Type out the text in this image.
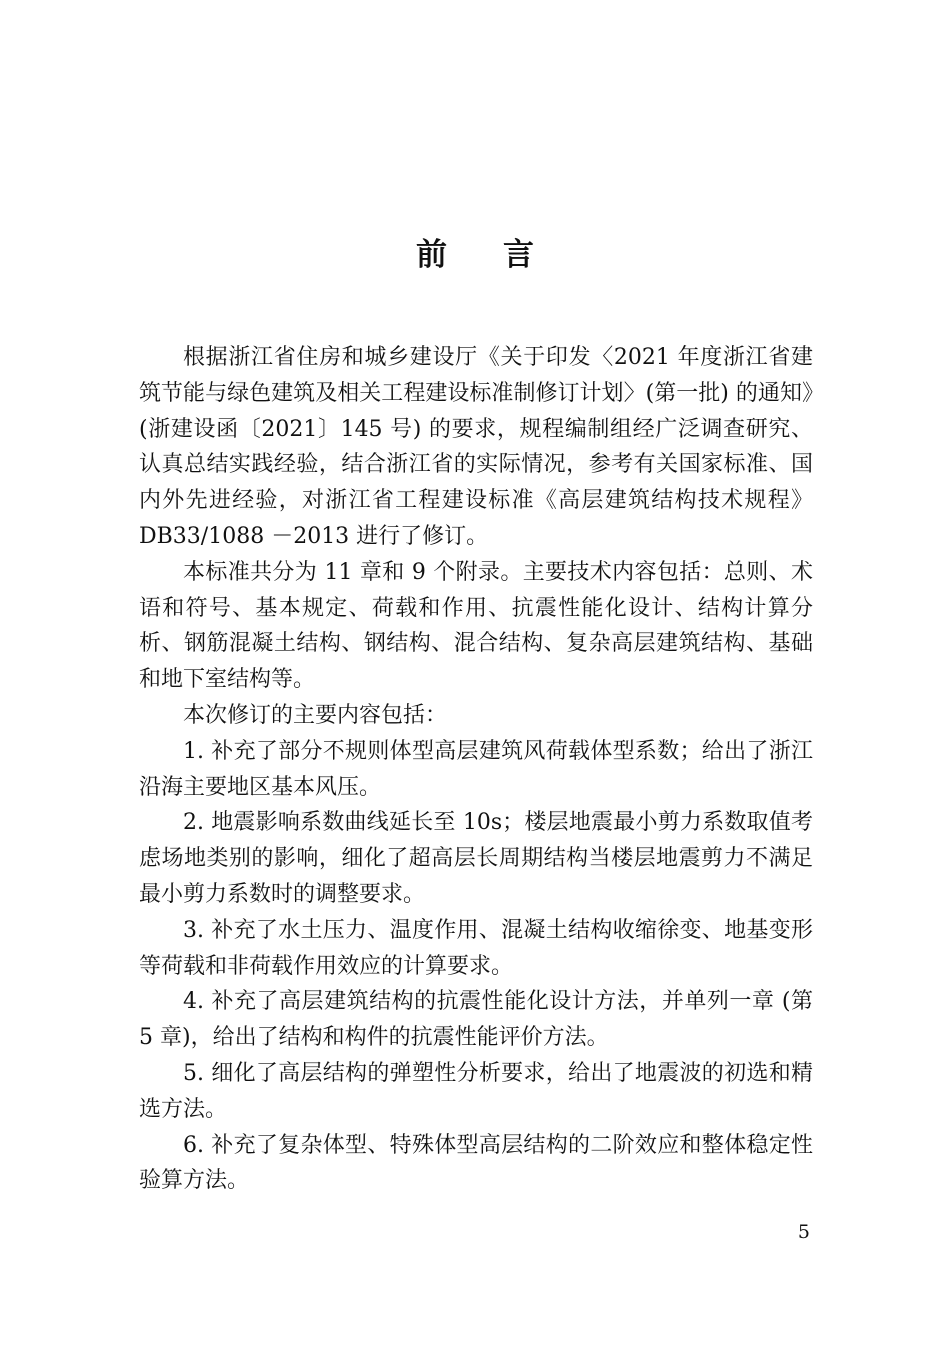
前言

根据浙江省住房和城乡建设厅《关于印发〈2021 年度浙江省建筑节能与绿色建筑及相关工程建设标准制修订计划〉(第一批) 的通知》(浙建设函〔2021〕145 号) 的要求，规程编制组经广泛调查研究、认真总结实践经验，结合浙江省的实际情况，参考有关国家标准、国内外先进经验，对浙江省工程建设标准《高层建筑结构技术规程》DB33/1088 －2013 进行了修订。

本标准共分为 11 章和 9 个附录。主要技术内容包括：总则、术语和符号、基本规定、荷载和作用、抗震性能化设计、结构计算分析、钢筋混凝土结构、钢结构、混合结构、复杂高层建筑结构、基础和地下室结构等。

本次修订的主要内容包括：

1. 补充了部分不规则体型高层建筑风荷载体型系数；给出了浙江沿海主要地区基本风压。

2. 地震影响系数曲线延长至 10s；楼层地震最小剪力系数取值考虑场地类别的影响，细化了超高层长周期结构当楼层地震剪力不满足最小剪力系数时的调整要求。

3. 补充了水土压力、温度作用、混凝土结构收缩徐变、地基变形等荷载和非荷载作用效应的计算要求。

4. 补充了高层建筑结构的抗震性能化设计方法，并单列一章 (第 5 章)，给出了结构和构件的抗震性能评价方法。

5. 细化了高层结构的弹塑性分析要求，给出了地震波的初选和精选方法。

6. 补充了复杂体型、特殊体型高层结构的二阶效应和整体稳定性验算方法。

5
